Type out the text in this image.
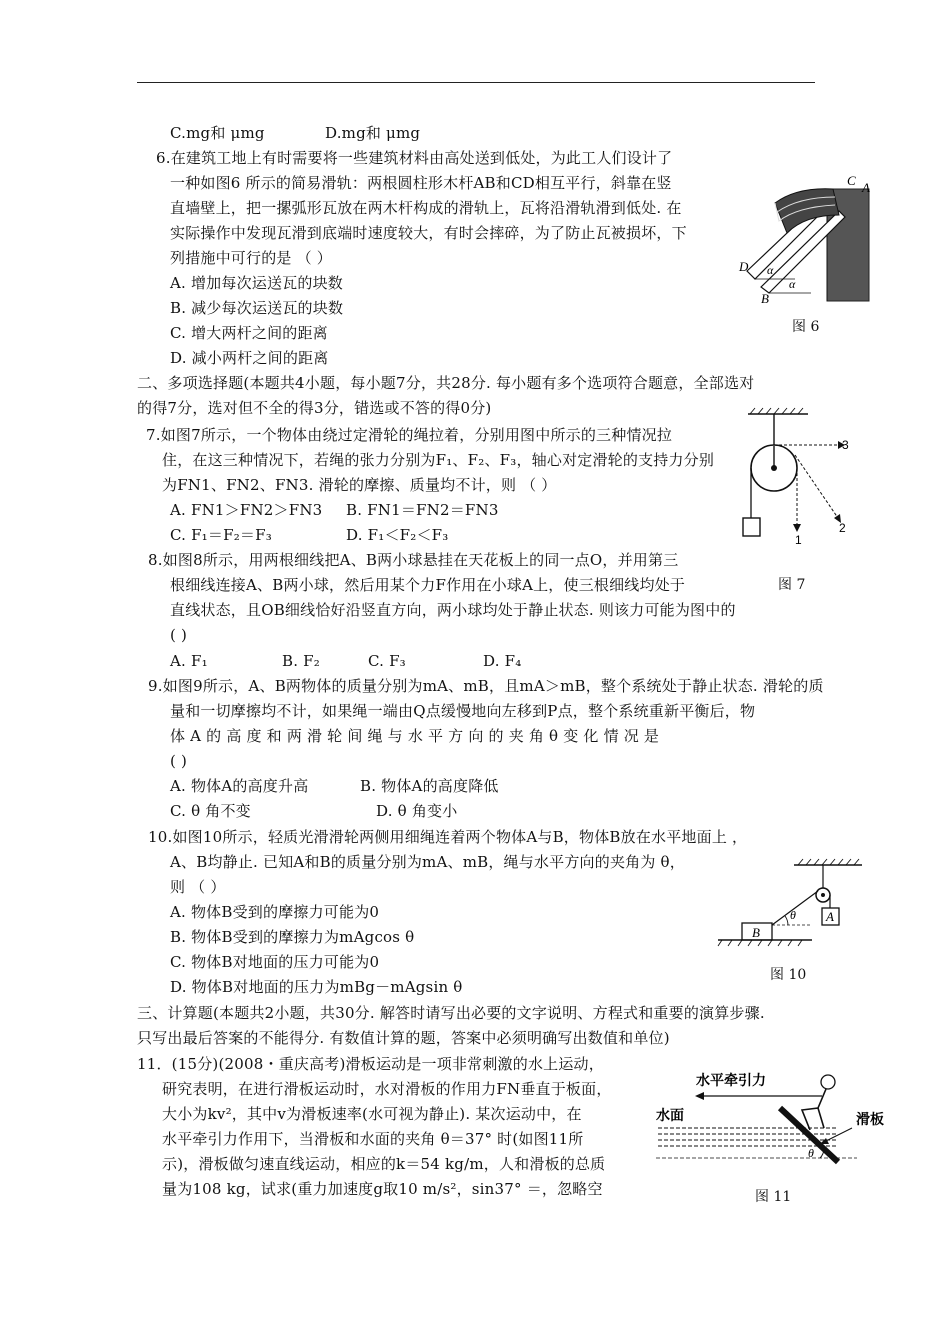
C.mg和 μmg	D.mg和 μmg
6.在建筑工地上有时需要将一些建筑材料由高处送到低处，为此工人们设计了
一种如图6 所示的简易滑轨：两根圆柱形木杆AB和CD相互平行，斜靠在竖
直墙壁上，把一摞弧形瓦放在两木杆构成的滑轨上，瓦将沿滑轨滑到低处. 在
实际操作中发现瓦滑到底端时速度较大，有时会摔碎，为了防止瓦被损坏，下
列措施中可行的是 （ ）
A. 增加每次运送瓦的块数
B. 减少每次运送瓦的块数
C. 增大两杆之间的距离
D. 减小两杆之间的距离
C A
D α
α
B
图 6
二、多项选择题(本题共4小题，每小题7分，共28分. 每小题有多个选项符合题意，全部选对
的得7分，选对但不全的得3分，错选或不答的得0分)
7.如图7所示，一个物体由绕过定滑轮的绳拉着，分别用图中所示的三种情况拉
住，在这三种情况下，若绳的张力分别为F₁、F₂、F₃，轴心对定滑轮的支持力分别
为FN1、FN2、FN3. 滑轮的摩擦、质量均不计，则 （ ）
A. FN1＞FN2＞FN3 B. FN1＝FN2＝FN3
C. F₁＝F₂＝F₃	D. F₁＜F₂＜F₃
3
2
1
图 7
8.如图8所示，用两根细线把A、B两小球悬挂在天花板上的同一点O，并用第三
根细线连接A、B两小球，然后用某个力F作用在小球A上，使三根细线均处于
直线状态，且OB细线恰好沿竖直方向，两小球均处于静止状态. 则该力可能为图中的
( )
A. F₁	B. F₂	C. F₃	D. F₄
9.如图9所示，A、B两物体的质量分别为mA、mB，且mA＞mB，整个系统处于静止状态. 滑轮的质
量和一切摩擦均不计，如果绳一端由Q点缓慢地向左移到P点，整个系统重新平衡后，物
体 A 的 高 度 和 两 滑 轮 间 绳 与 水 平 方 向 的 夹 角 θ 变 化 情 况 是
( )
A. 物体A的高度升高	B. 物体A的高度降低
C. θ 角不变	D. θ 角变小
10.如图10所示，轻质光滑滑轮两侧用细绳连着两个物体A与B，物体B放在水平地面上 ，
A、B均静止. 已知A和B的质量分别为mA、mB，绳与水平方向的夹角为 θ，
则 （ ）
A. 物体B受到的摩擦力可能为0
B. 物体B受到的摩擦力为mAgcos θ
C. 物体B对地面的压力可能为0
D. 物体B对地面的压力为mBg－mAgsin θ
θ A
B
图 10
三、计算题(本题共2小题，共30分. 解答时请写出必要的文字说明、方程式和重要的演算步骤.
只写出最后答案的不能得分. 有数值计算的题，答案中必须明确写出数值和单位)
11．(15分)(2008・重庆高考)滑板运动是一项非常刺激的水上运动，
研究表明，在进行滑板运动时，水对滑板的作用力FN垂直于板面，
大小为kv²，其中v为滑板速率(水可视为静止). 某次运动中，在
水平牵引力作用下，当滑板和水面的夹角 θ＝37° 时(如图11所
示)，滑板做匀速直线运动，相应的k＝54 kg/m，人和滑板的总质
量为108 kg，试求(重力加速度g取10 m/s²，sin37° ＝，忽略空
水平牵引力
水面	滑板
θ
图 11
